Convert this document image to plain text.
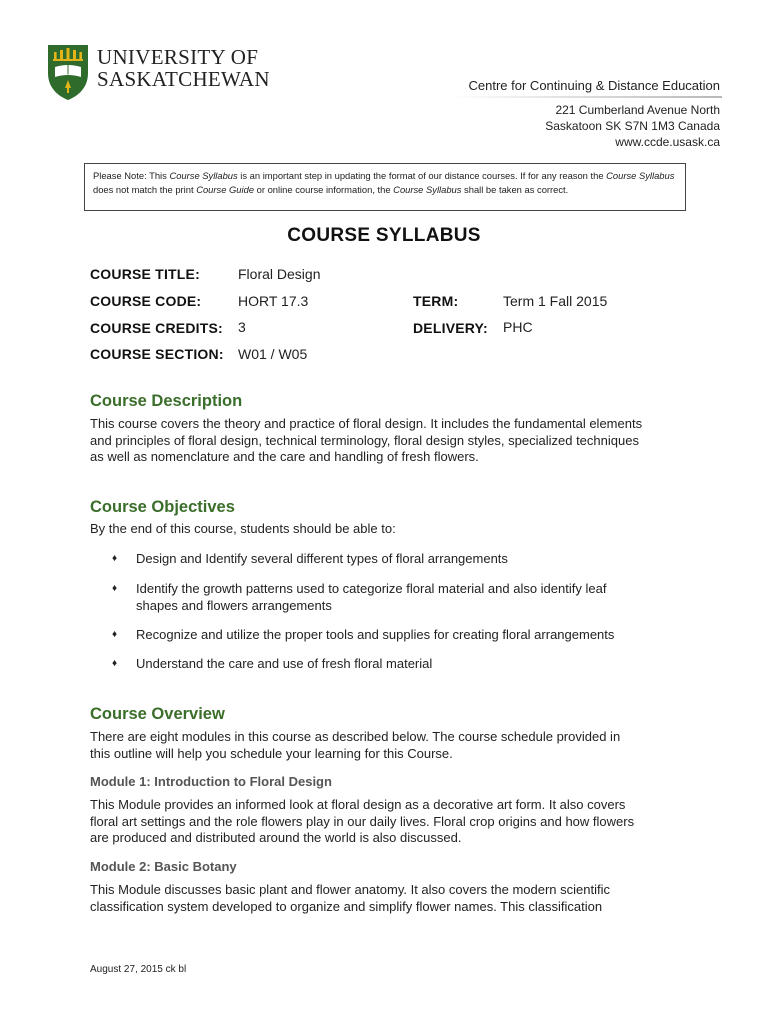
UNIVERSITY OF
SASKATCHEWAN	Centre for Continuing & Distance Education
221 Cumberland Avenue North
Saskatoon SK S7N 1M3 Canada
www.ccde.usask.ca
Please Note: This Course Syllabus is an important step in updating the format of our distance courses. If for any reason the Course Syllabus does not match the print Course Guide or online course information, the Course Syllabus shall be taken as correct.
COURSE SYLLABUS
COURSE TITLE:	Floral Design
COURSE CODE:	HORT 17.3	TERM:	Term 1 Fall 2015
COURSE CREDITS: 3	DELIVERY: PHC
COURSE SECTION: W01 / W05
Course Description
This course covers the theory and practice of floral design. It includes the fundamental elements
and principles of floral design, technical terminology, floral design styles, specialized techniques
as well as nomenclature and the care and handling of fresh flowers.
Course Objectives
By the end of this course, students should be able to:
♦ Design and Identify several different types of floral arrangements
♦ Identify the growth patterns used to categorize floral material and also identify leaf
shapes and flowers arrangements
♦ Recognize and utilize the proper tools and supplies for creating floral arrangements
♦ Understand the care and use of fresh floral material
Course Overview
There are eight modules in this course as described below. The course schedule provided in
this outline will help you schedule your learning for this Course.
Module 1: Introduction to Floral Design
This Module provides an informed look at floral design as a decorative art form. It also covers
floral art settings and the role flowers play in our daily lives. Floral crop origins and how flowers
are produced and distributed around the world is also discussed.
Module 2: Basic Botany
This Module discusses basic plant and flower anatomy. It also covers the modern scientific
classification system developed to organize and simplify flower names. This classification
August 27, 2015 ck bl
